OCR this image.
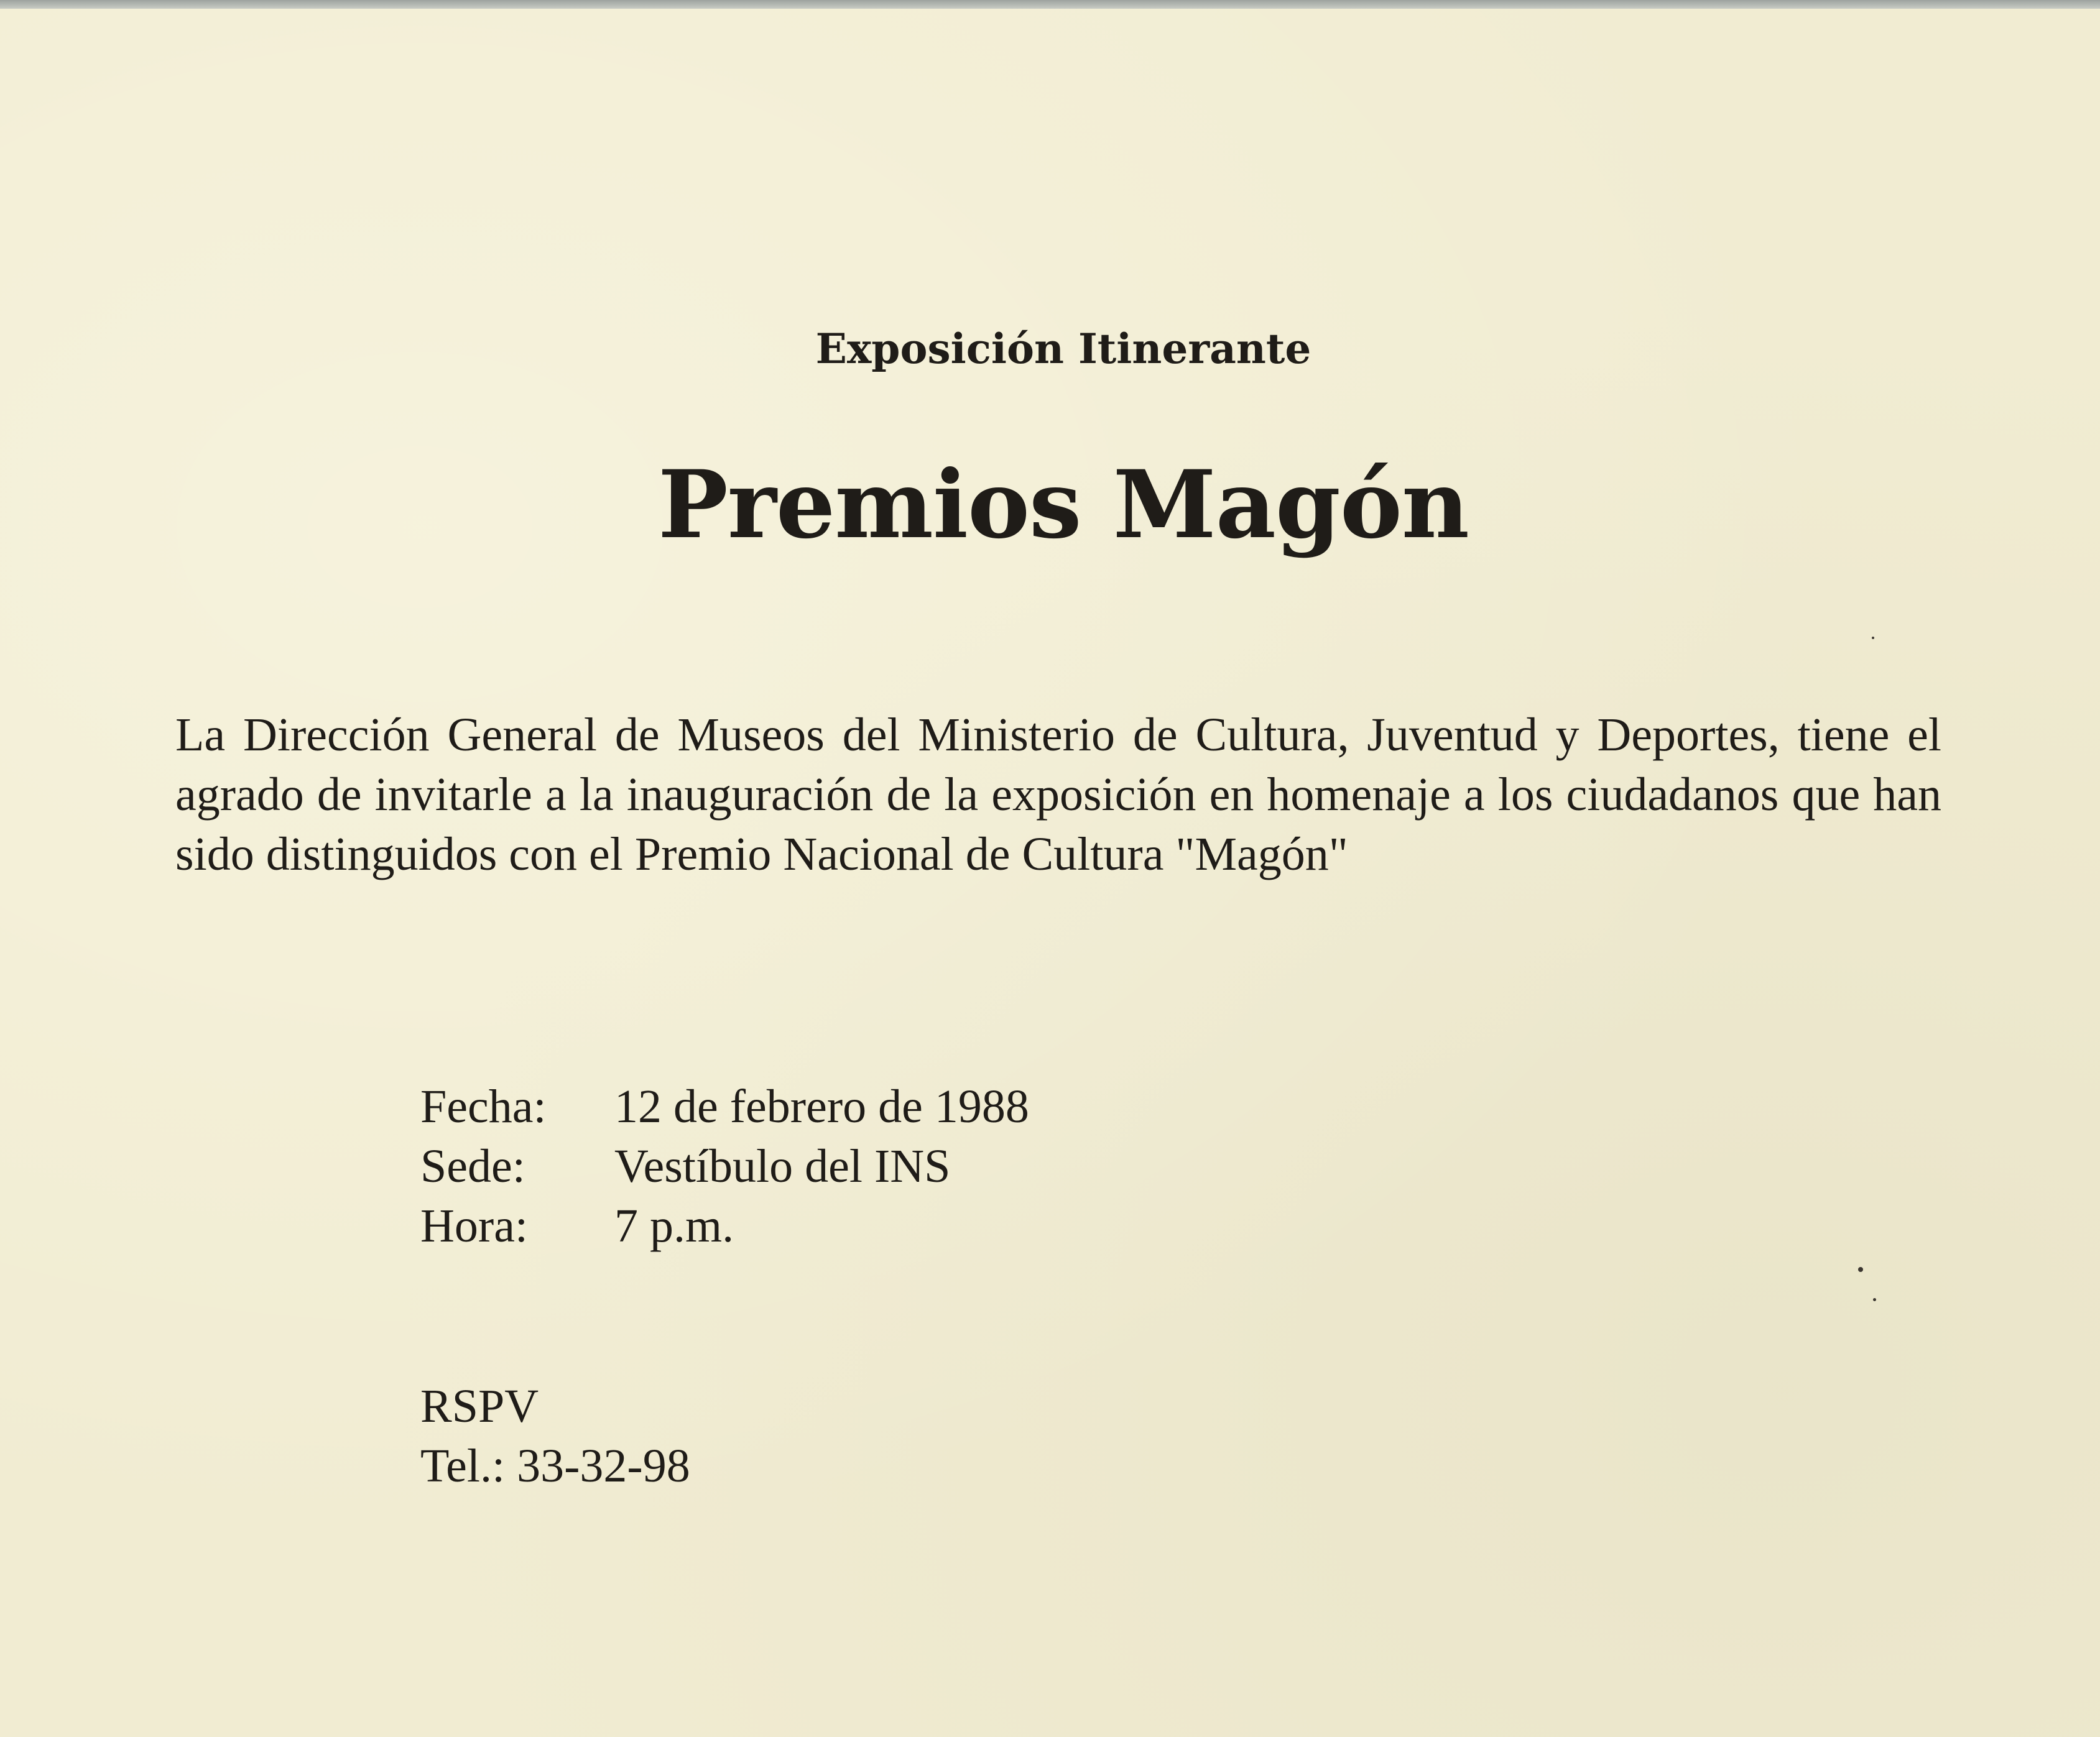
Exposición Itinerante
Premios Magón
La Dirección General de Museos del Ministerio de Cultura, Juventud y Deportes, tiene el agrado de invitarle a la inauguración de la exposición en homenaje a los ciudadanos que han sido distinguidos con el Premio Nacional de Cultura "Magón"
Fecha:	12 de febrero de 1988
Sede:	Vestíbulo del INS
Hora:	7 p.m.
RSPV
Tel.: 33-32-98
